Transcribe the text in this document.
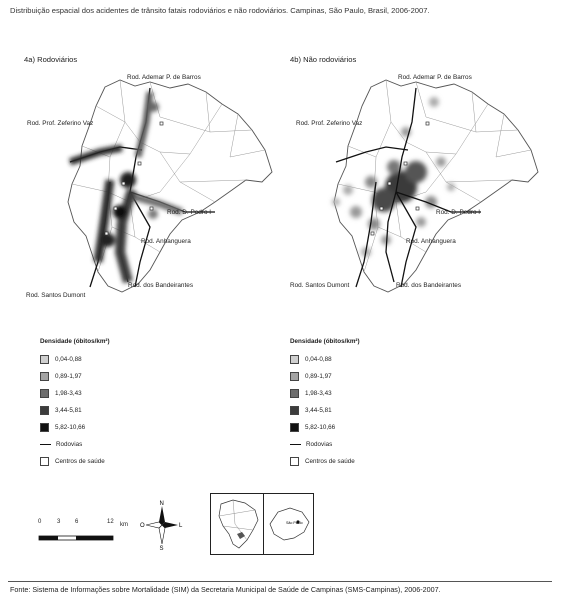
Distribuição espacial dos acidentes de trânsito fatais rodoviários e não rodoviários. Campinas, São Paulo, Brasil, 2006-2007.
4a) Rodoviários
Rod. Ademar P. de Barros
Rod. Prof. Zeferino Vaz
Rod. D. Pedro I
Rod. Anhanguera
Rod. dos Bandeirantes
Rod. Santos Dumont
4b) Não rodoviários
Rod. Ademar P. de Barros
Rod. Prof. Zeferino Vaz
Rod. D. Pedro I
Rod. Anhanguera
Rod. dos Bandeirantes
Rod. Santos Dumont
Densidade (óbitos/km²)
0,04-0,88
0,89-1,97
1,98-3,43
3,44-5,81
5,82-10,66
Rodovias
Centros de saúde
Densidade (óbitos/km²)
0,04-0,88
0,89-1,97
1,98-3,43
3,44-5,81
5,82-10,66
Rodovias
Centros de saúde
0	3 6	12 km
N
S
O	L	São Paulo
Fonte: Sistema de Informações sobre Mortalidade (SIM) da Secretaria Municipal de Saúde de Campinas (SMS-Campinas), 2006-2007.
